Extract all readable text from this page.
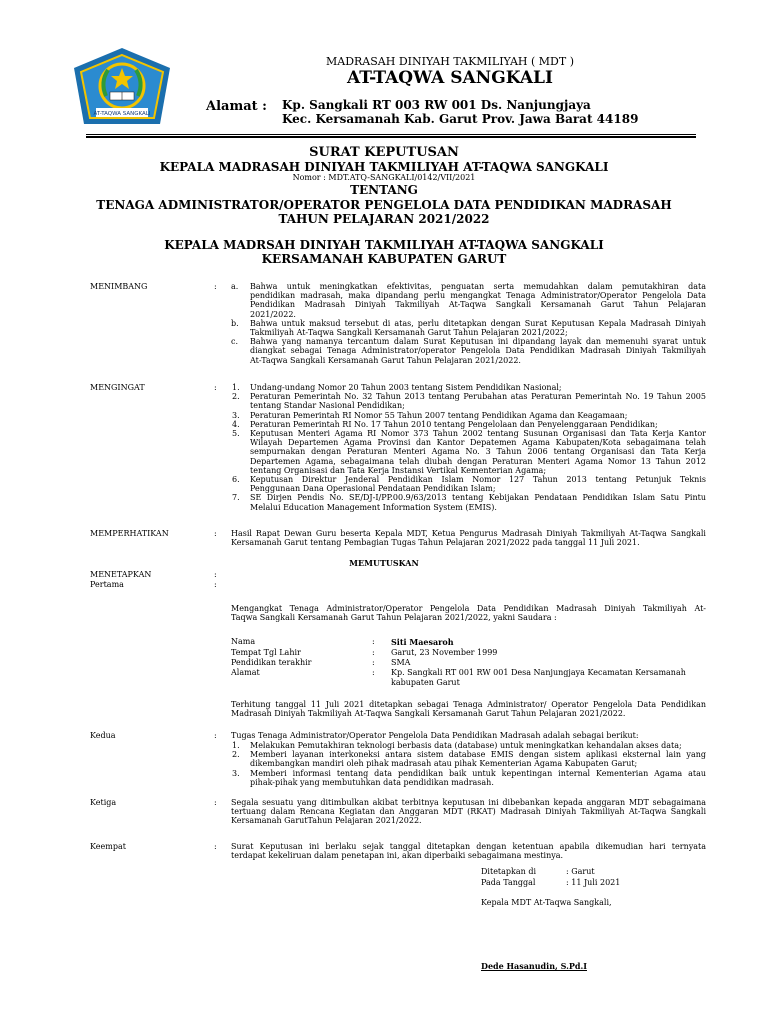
AT-TAQWA SANGKALI
MADRASAH DINIYAH TAKMILIYAH ( MDT )
AT-TAQWA SANGKALI
Alamat : Kp. Sangkali RT 003 RW 001 Ds. Nanjungjaya
Kec. Kersamanah Kab. Garut Prov. Jawa Barat 44189
SURAT KEPUTUSAN
KEPALA MADRASAH DINIYAH TAKMILIYAH AT-TAQWA SANGKALI
Nomor : MDT.ATQ-SANGKALI/0142/VII/2021
TENTANG
TENAGA ADMINISTRATOR/OPERATOR PENGELOLA DATA PENDIDIKAN MADRASAH
TAHUN PELAJARAN 2021/2022
KEPALA MADRSAH DINIYAH TAKMILIYAH AT-TAQWA SANGKALI
KERSAMANAH KABUPATEN GARUT
MENIMBANG	: a. Bahwa untuk meningkatkan efektivitas, penguatan serta memudahkan dalam pemutakhiran data
pendidikan madrasah, maka dipandang perlu mengangkat Tenaga Administrator/Operator Pengelola Data
Pendidikan Madrasah Diniyah Takmiliyah At-Taqwa Sangkali Kersamanah Garut Tahun Pelajaran
2021/2022.
b. Bahwa untuk maksud tersebut di atas, perlu ditetapkan dengan Surat Keputusan Kepala Madrasah Diniyah
Takmiliyah At-Taqwa Sangkali Kersamanah Garut Tahun Pelajaran 2021/2022;
c. Bahwa yang namanya tercantum dalam Surat Keputusan ini dipandang layak dan memenuhi syarat untuk
diangkat sebagai Tenaga Administrator/operator Pengelola Data Pendidikan Madrasah Diniyah Takmiliyah
At-Taqwa Sangkali Kersamanah Garut Tahun Pelajaran 2021/2022.
MENGINGAT	: 1. Undang-undang Nomor 20 Tahun 2003 tentang Sistem Pendidikan Nasional;
2. Peraturan Pemerintah No. 32 Tahun 2013 tentang Perubahan atas Peraturan Pemerintah No. 19 Tahun 2005
tentang Standar Nasional Pendidikan;
3. Peraturan Pemerintah RI Nomor 55 Tahun 2007 tentang Pendidikan Agama dan Keagamaan;
4. Peraturan Pemerintah RI No. 17 Tahun 2010 tentang Pengelolaan dan Penyelenggaraan Pendidikan;
5. Keputusan Menteri Agama RI Nomor 373 Tahun 2002 tentang Susunan Organisasi dan Tata Kerja Kantor
Wilayah Departemen Agama Provinsi dan Kantor Depatemen Agama Kabupaten/Kota sebagaimana telah
sempurnakan dengan Peraturan Menteri Agama No. 3 Tahun 2006 tentang Organisasi dan Tata Kerja
Departemen Agama, sebagaimana telah diubah dengan Peraturan Menteri Agama Nomor 13 Tahun 2012
tentang Organisasi dan Tata Kerja Instansi Vertikal Kementerian Agama;
6. Keputusan Direktur Jenderal Pendidikan Islam Nomor 127 Tahun 2013 tentang Petunjuk Teknis
Penggunaan Dana Operasional Pendataan Pendidikan Islam;
7. SE Dirjen Pendis No. SE/DJ-I/PP.00.9/63/2013 tentang Kebijakan Pendataan Pendidikan Islam Satu Pintu
Melalui Education Management Information System (EMIS).
MEMPERHATIKAN	: Hasil Rapat Dewan Guru beserta Kepala MDT, Ketua Pengurus Madrasah Diniyah Takmiliyah At-Taqwa Sangkali
Kersamanah Garut tentang Pembagian Tugas Tahun Pelajaran 2021/2022 pada tanggal 11 Juli 2021.
MEMUTUSKAN
MENETAPKAN	:
Pertama	:
Mengangkat Tenaga Administrator/Operator Pengelola Data Pendidikan Madrasah Diniyah Takmiliyah At-
Taqwa Sangkali Kersamanah Garut Tahun Pelajaran 2021/2022, yakni Saudara :
Nama	: Siti Maesaroh
Tempat Tgl Lahir	: Garut, 23 November 1999
Pendidikan terakhir	: SMA
Alamat	: Kp. Sangkali RT 001 RW 001 Desa Nanjungjaya Kecamatan Kersamanah
kabupaten Garut
Terhitung tanggal 11 Juli 2021 ditetapkan sebagai Tenaga Administrator/ Operator Pengelola Data Pendidikan
Madrasah Diniyah Takmiliyah At-Taqwa Sangkali Kersamanah Garut Tahun Pelajaran 2021/2022.
Kedua	: Tugas Tenaga Administrator/Operator Pengelola Data Pendidikan Madrasah adalah sebagai berikut:
1. Melakukan Pemutakhiran teknologi berbasis data (database) untuk meningkatkan kehandalan akses data;
2. Memberi layanan interkoneksi antara sistem database EMIS dengan sistem aplikasi eksternal lain yang
dikembangkan mandiri oleh pihak madrasah atau pihak Kementerian Agama Kabupaten Garut;
3. Memberi informasi tentang data pendidikan baik untuk kepentingan internal Kementerian Agama atau
pihak-pihak yang membutuhkan data pendidikan madrasah.
Ketiga	: Segala sesuatu yang ditimbulkan akibat terbitnya keputusan ini dibebankan kepada anggaran MDT sebagaimana
tertuang dalam Rencana Kegiatan dan Anggaran MDT (RKAT) Madrasah Diniyah Takmiliyah At-Taqwa Sangkali
Kersamanah GarutTahun Pelajaran 2021/2022.
Keempat	: Surat Keputusan ini berlaku sejak tanggal ditetapkan dengan ketentuan apabila dikemudian hari ternyata
terdapat kekeliruan dalam penetapan ini, akan diperbaiki sebagaimana mestinya.
Ditetapkan di	: Garut
Pada Tanggal	: 11 Juli 2021
Kepala MDT At-Taqwa Sangkali,
Dede Hasanudin, S.Pd.I
